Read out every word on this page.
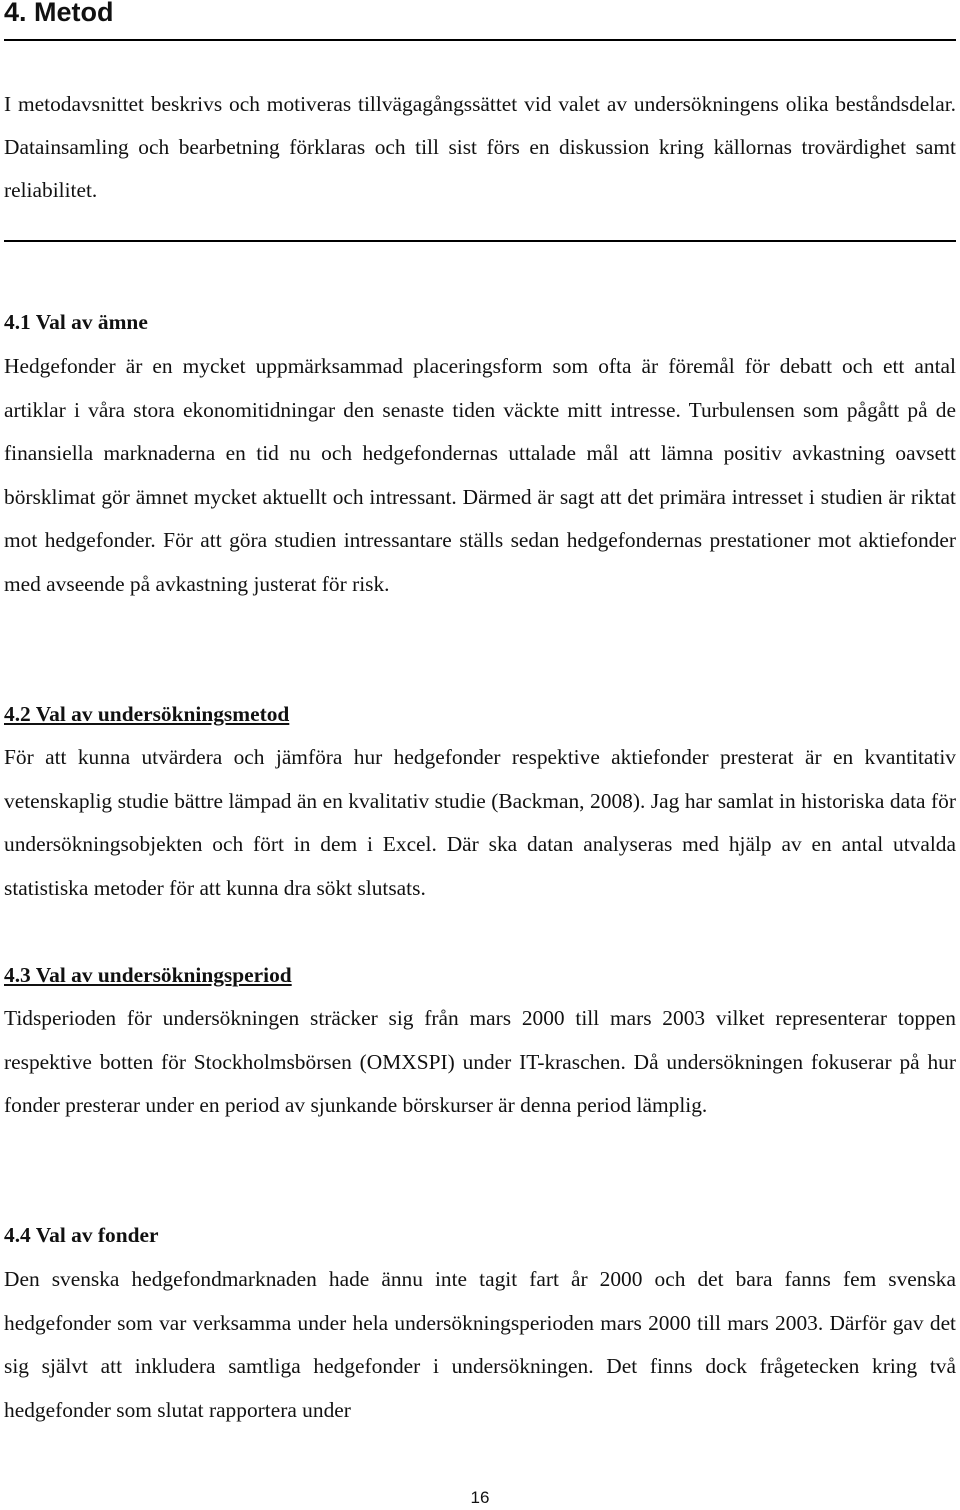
4. Metod

I metodavsnittet beskrivs och motiveras tillvägagångssättet vid valet av undersökningens olika beståndsdelar. Datainsamling och bearbetning förklaras och till sist förs en diskussion kring källornas trovärdighet samt reliabilitet.

4.1 Val av ämne

Hedgefonder är en mycket uppmärksammad placeringsform som ofta är föremål för debatt och ett antal artiklar i våra stora ekonomitidningar den senaste tiden väckte mitt intresse. Turbulensen som pågått på de finansiella marknaderna en tid nu och hedgefondernas uttalade mål att lämna positiv avkastning oavsett börsklimat gör ämnet mycket aktuellt och intressant. Därmed är sagt att det primära intresset i studien är riktat mot hedgefonder. För att göra studien intressantare ställs sedan hedgefondernas prestationer mot aktiefonder med avseende på avkastning justerat för risk.

4.2 Val av undersökningsmetod

För att kunna utvärdera och jämföra hur hedgefonder respektive aktiefonder presterat är en kvantitativ vetenskaplig studie bättre lämpad än en kvalitativ studie (Backman, 2008). Jag har samlat in historiska data för undersökningsobjekten och fört in dem i Excel. Där ska datan analyseras med hjälp av en antal utvalda statistiska metoder för att kunna dra sökt slutsats.

4.3 Val av undersökningsperiod

Tidsperioden för undersökningen sträcker sig från mars 2000 till mars 2003 vilket representerar toppen respektive botten för Stockholmsbörsen (OMXSPI) under IT-kraschen. Då undersökningen fokuserar på hur fonder presterar under en period av sjunkande börskurser är denna period lämplig.

4.4 Val av fonder

Den svenska hedgefondmarknaden hade ännu inte tagit fart år 2000 och det bara fanns fem svenska hedgefonder som var verksamma under hela undersökningsperioden mars 2000 till mars 2003. Därför gav det sig självt att inkludera samtliga hedgefonder i undersökningen. Det finns dock frågetecken kring två hedgefonder som slutat rapportera under

16
